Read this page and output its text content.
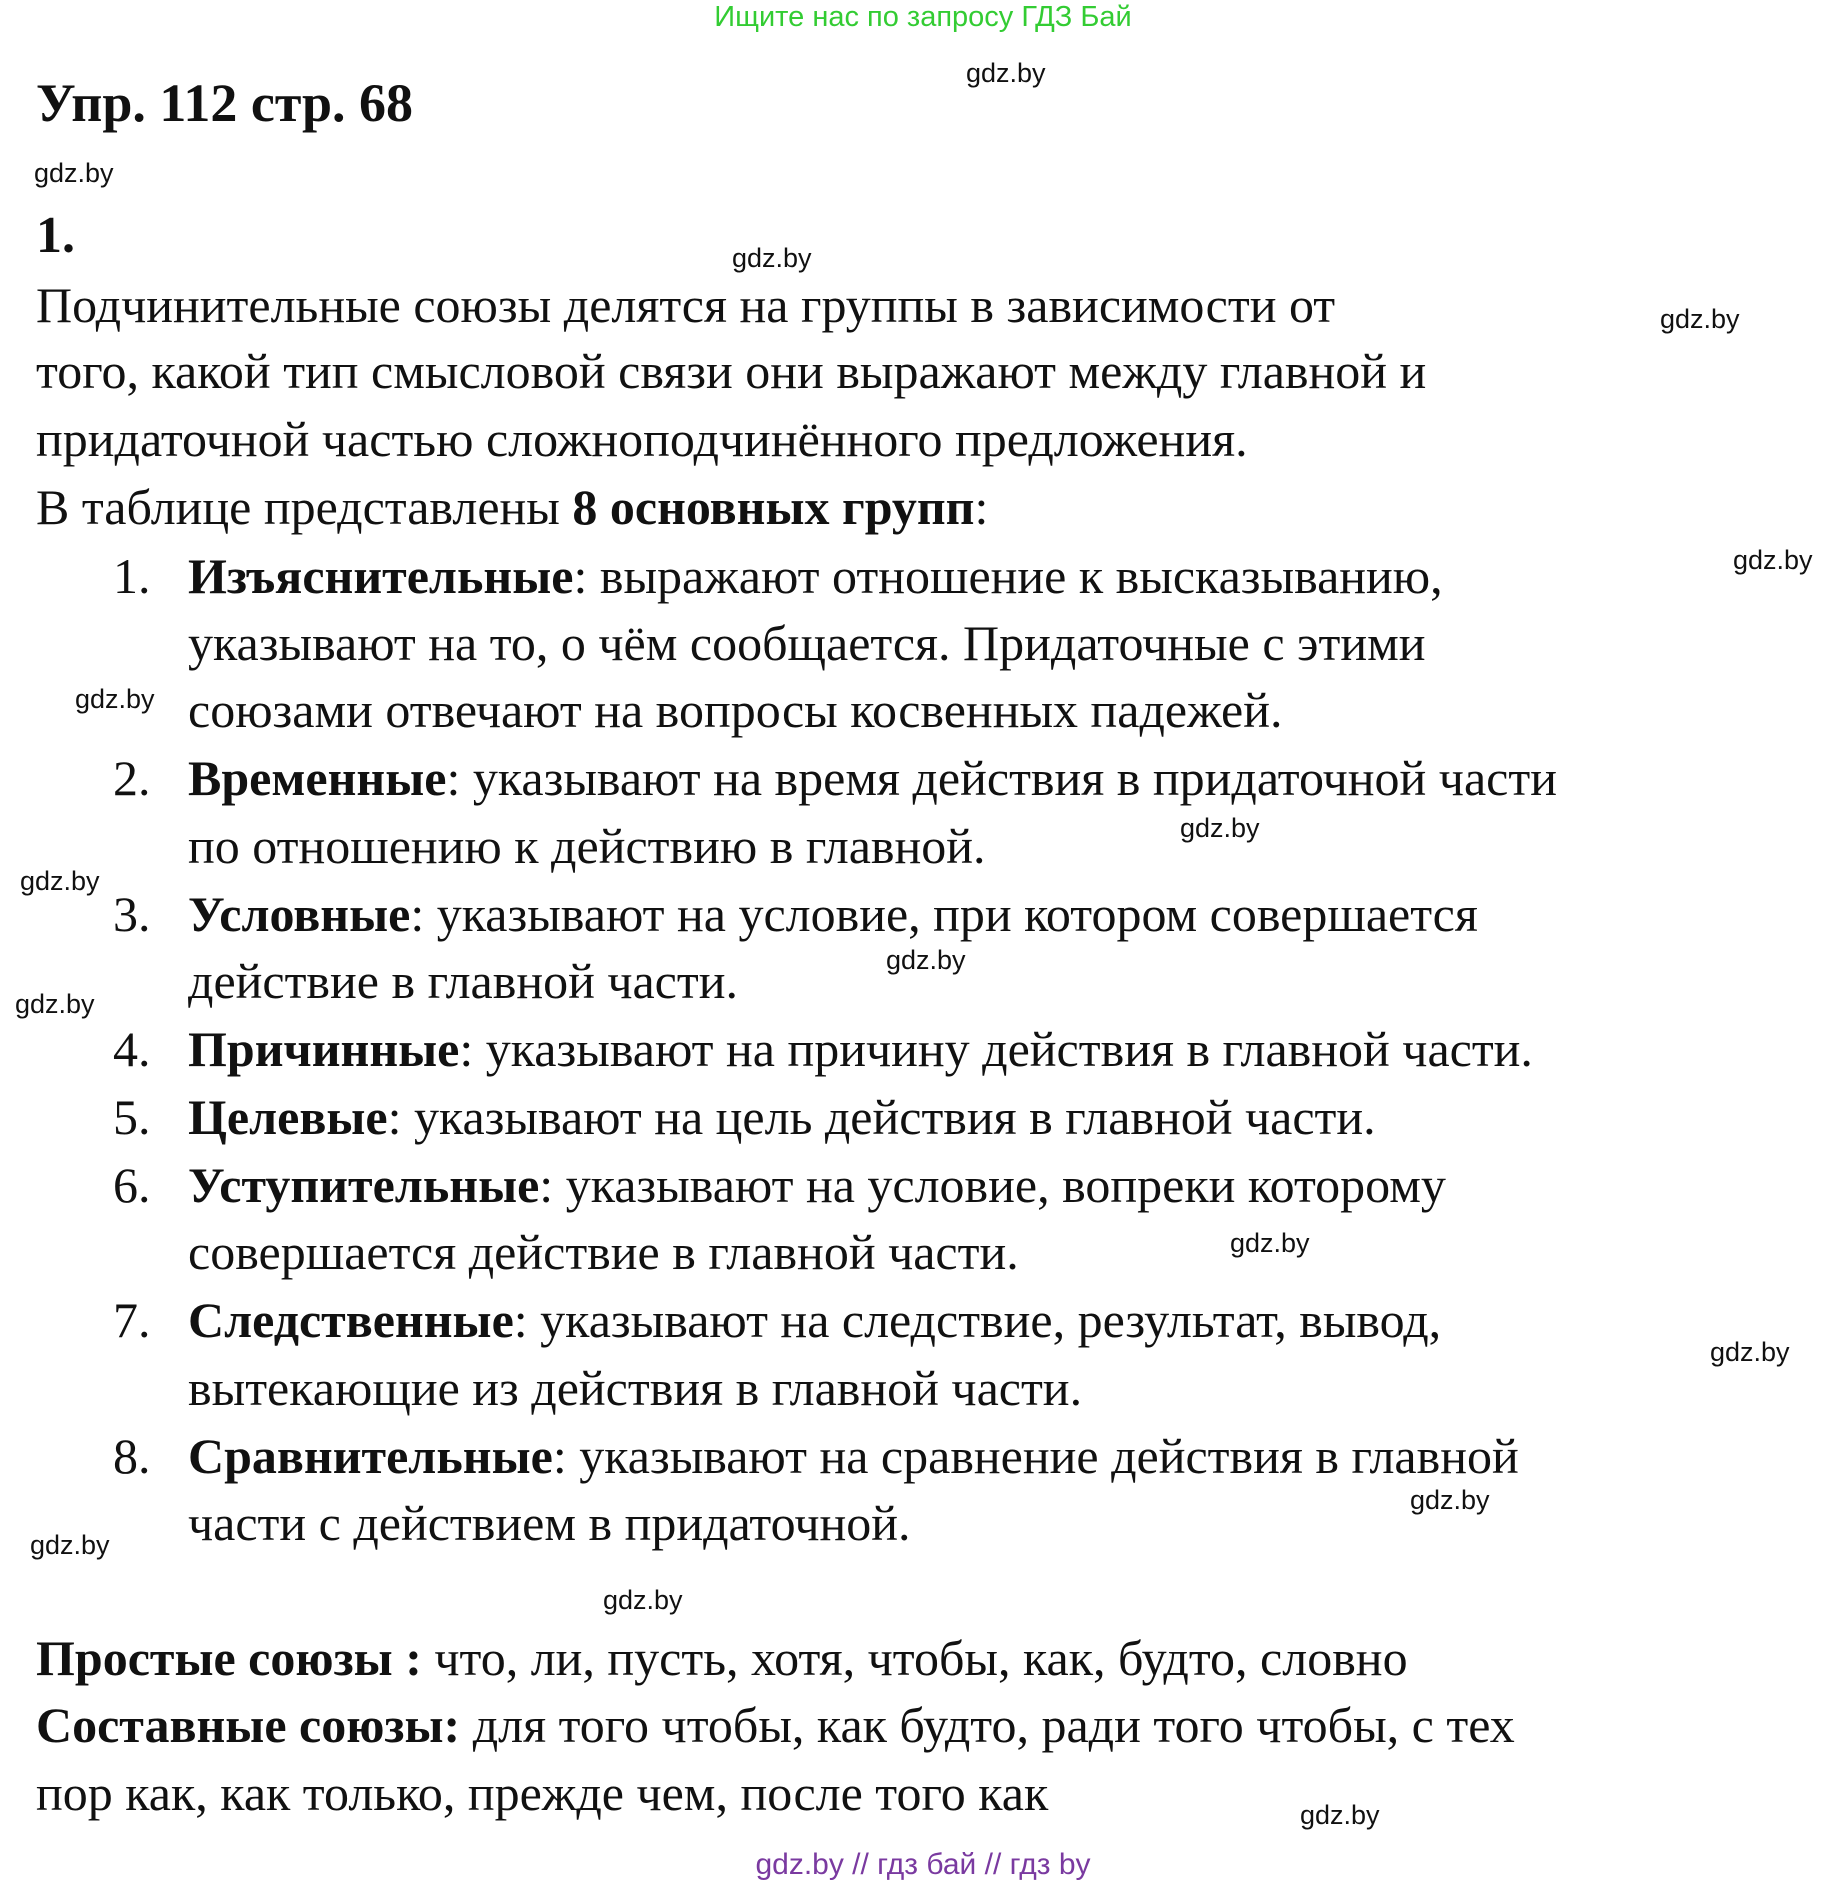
Ищите нас по запросу ГДЗ Бай
Упр. 112 стр. 68
1.
Подчинительные союзы делятся на группы в зависимости от
того, какой тип смысловой связи они выражают между главной и
придаточной частью сложноподчинённого предложения.
В таблице представлены 8 основных групп:
1. Изъяснительные: выражают отношение к высказыванию,
указывают на то, о чём сообщается. Придаточные с этими
союзами отвечают на вопросы косвенных падежей.
2. Временные: указывают на время действия в придаточной части
по отношению к действию в главной.
3. Условные: указывают на условие, при котором совершается
действие в главной части.
4. Причинные: указывают на причину действия в главной части.
5. Целевые: указывают на цель действия в главной части.
6. Уступительные: указывают на условие, вопреки которому
совершается действие в главной части.
7. Следственные: указывают на следствие, результат, вывод,
вытекающие из действия в главной части.
8. Сравнительные: указывают на сравнение действия в главной
части с действием в придаточной.
Простые союзы : что, ли, пусть, хотя, чтобы, как, будто, словно
Составные союзы: для того чтобы, как будто, ради того чтобы, с тех
пор как, как только, прежде чем, после того как
gdz.by
gdz.by
gdz.by
gdz.by
gdz.by
gdz.by
gdz.by
gdz.by
gdz.by
gdz.by
gdz.by
gdz.by
gdz.by
gdz.by
gdz.by
gdz.by
gdz.by // гдз бай // гдз by
